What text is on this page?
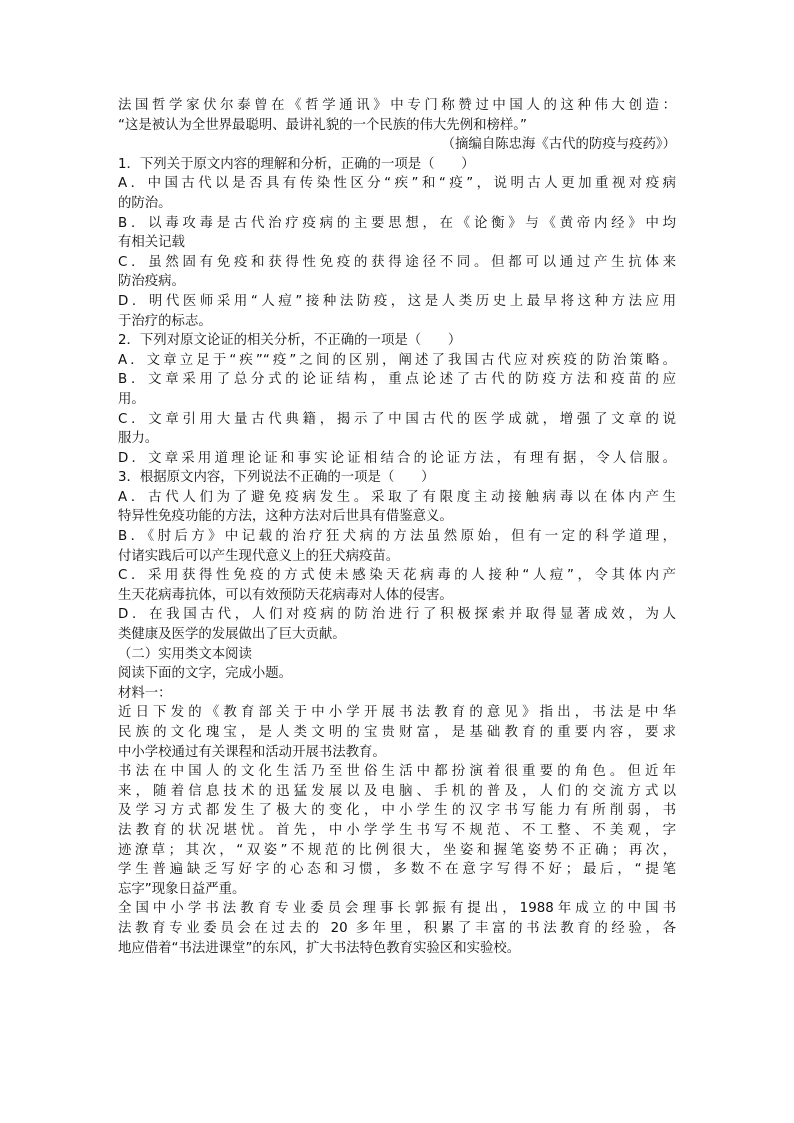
法国哲学家伏尔泰曾在《哲学通讯》中专门称赞过中国人的这种伟大创造：
“这是被认为全世界最聪明、最讲礼貌的一个民族的伟大先例和榜样。”
（摘编自陈忠海《古代的防疫与疫药》）
1．下列关于原文内容的理解和分析，正确的一项是（　　）
A．中国古代以是否具有传染性区分“疾”和“疫”，说明古人更加重视对疫病
的防治。
B．以毒攻毒是古代治疗疫病的主要思想，在《论衡》与《黄帝内经》中均
有相关记载
C．虽然固有免疫和获得性免疫的获得途径不同。但都可以通过产生抗体来
防治疫病。
D．明代医师采用“人痘”接种法防疫，这是人类历史上最早将这种方法应用
于治疗的标志。
2．下列对原文论证的相关分析，不正确的一项是（　　）
A．文章立足于“疾”“疫”之间的区别，阐述了我国古代应对疾疫的防治策略。
B．文章采用了总分式的论证结构，重点论述了古代的防疫方法和疫苗的应
用。
C．文章引用大量古代典籍，揭示了中国古代的医学成就，增强了文章的说
服力。
D．文章采用道理论证和事实论证相结合的论证方法，有理有据，令人信服。
3．根据原文内容，下列说法不正确的一项是（　　）
A．古代人们为了避免疫病发生。采取了有限度主动接触病毒以在体内产生
特异性免疫功能的方法，这种方法对后世具有借鉴意义。
B．《肘后方》中记载的治疗狂犬病的方法虽然原始，但有一定的科学道理，
付诸实践后可以产生现代意义上的狂犬病疫苗。
C．采用获得性免疫的方式使未感染天花病毒的人接种“人痘”，令其体内产
生天花病毒抗体，可以有效预防天花病毒对人体的侵害。
D．在我国古代，人们对疫病的防治进行了积极探索并取得显著成效，为人
类健康及医学的发展做出了巨大贡献。
（二）实用类文本阅读
阅读下面的文字，完成小题。
材料一：
近日下发的《教育部关于中小学开展书法教育的意见》指出，书法是中华
民族的文化瑰宝，是人类文明的宝贵财富，是基础教育的重要内容，要求
中小学校通过有关课程和活动开展书法教育。
书法在中国人的文化生活乃至世俗生活中都扮演着很重要的角色。但近年
来，随着信息技术的迅猛发展以及电脑、手机的普及，人们的交流方式以
及学习方式都发生了极大的变化，中小学生的汉字书写能力有所削弱，书
法教育的状况堪忧。首先，中小学学生书写不规范、不工整、不美观，字
迹潦草；其次，“双姿”不规范的比例很大，坐姿和握笔姿势不正确；再次，
学生普遍缺乏写好字的心态和习惯，多数不在意字写得不好；最后，“提笔
忘字”现象日益严重。
全国中小学书法教育专业委员会理事长郭振有提出，1988年成立的中国书
法教育专业委员会在过去的 20 多年里，积累了丰富的书法教育的经验，各
地应借着“书法进课堂”的东风，扩大书法特色教育实验区和实验校。
